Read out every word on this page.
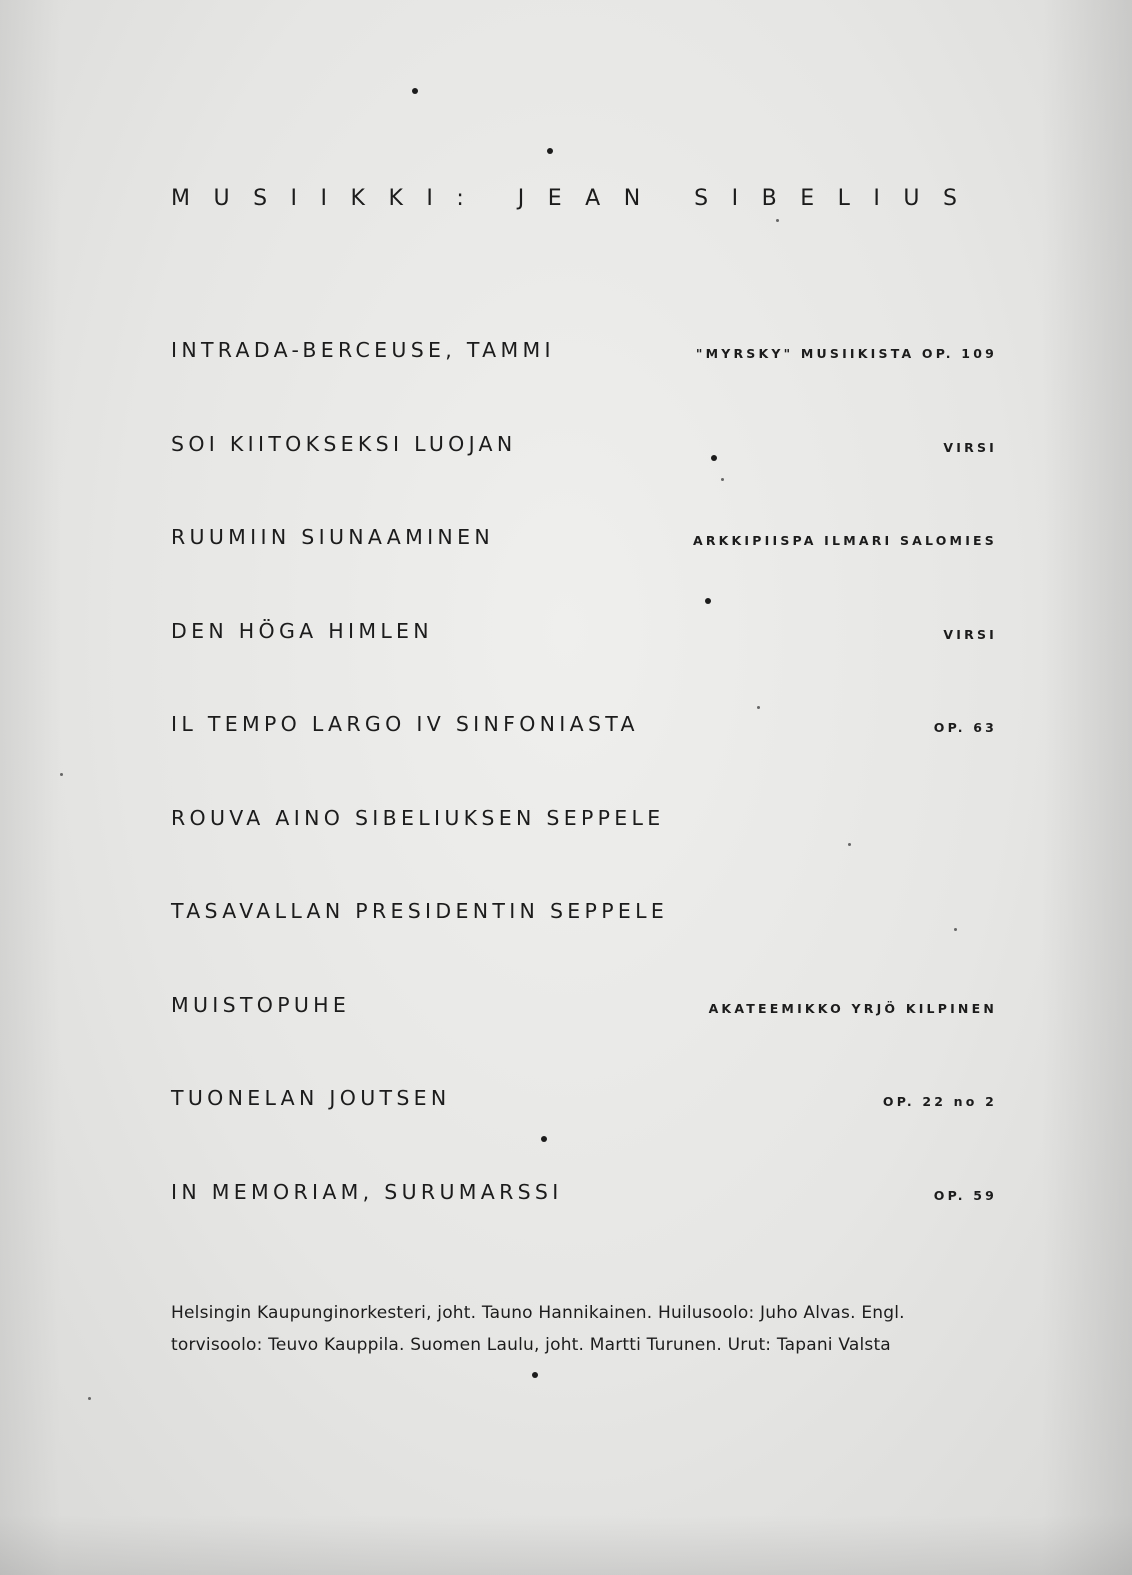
MUSIIKKI: JEAN SIBELIUS
INTRADA-BERCEUSE, TAMMI	"MYRSKY" MUSIIKISTA OP. 109
SOI KIITOKSEKSI LUOJAN	VIRSI
RUUMIIN SIUNAAMINEN	ARKKIPIISPA ILMARI SALOMIES
DEN HÖGA HIMLEN	VIRSI
IL TEMPO LARGO IV SINFONIASTA	OP. 63
ROUVA AINO SIBELIUKSEN SEPPELE
TASAVALLAN PRESIDENTIN SEPPELE
MUISTOPUHE	AKATEEMIKKO YRJÖ KILPINEN
TUONELAN JOUTSEN	OP. 22 no 2
IN MEMORIAM, SURUMARSSI	OP. 59

Helsingin Kaupunginorkesteri, joht. Tauno Hannikainen. Huilusoolo: Juho Alvas. Engl.
torvisoolo: Teuvo Kauppila. Suomen Laulu, joht. Martti Turunen. Urut: Tapani Valsta
